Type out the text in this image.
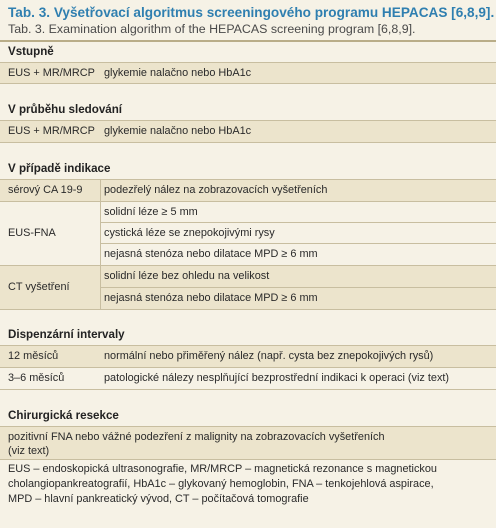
Tab. 3. Vyšetřovací algoritmus screeningového programu HEPACAS [6,8,9].
Tab. 3. Examination algorithm of the HEPACAS screening program [6,8,9].
Vstupně
EUS + MR/MRCP glykemie nalačno nebo HbA1c
V průběhu sledování
EUS + MR/MRCP glykemie nalačno nebo HbA1c
V případě indikace
sérový CA 19-9 podezřelý nález na zobrazovacích vyšetřeních
EUS-FNA
solidní léze ≥ 5 mm
cystická léze se znepokojivými rysy
nejasná stenóza nebo dilatace MPD ≥ 6 mm
CT vyšetření
solidní léze bez ohledu na velikost
nejasná stenóza nebo dilatace MPD ≥ 6 mm
Dispenzární intervaly
12 měsíců	normální nebo přiměřený nález (např. cysta bez znepokojivých rysů)
3–6 měsíců	patologické nálezy nesplňující bezprostřední indikaci k operaci (viz text)
Chirurgická resekce
pozitivní FNA nebo vážné podezření z malignity na zobrazovacích vyšetřeních
(viz text)
EUS – endoskopická ultrasonografie, MR/MRCP – magnetická rezonance s magnetickou
cholangiopankreatografií, HbA1c – glykovaný hemoglobin, FNA – tenkojehlová aspirace,
MPD – hlavní pankreatický vývod, CT – počítačová tomografie
